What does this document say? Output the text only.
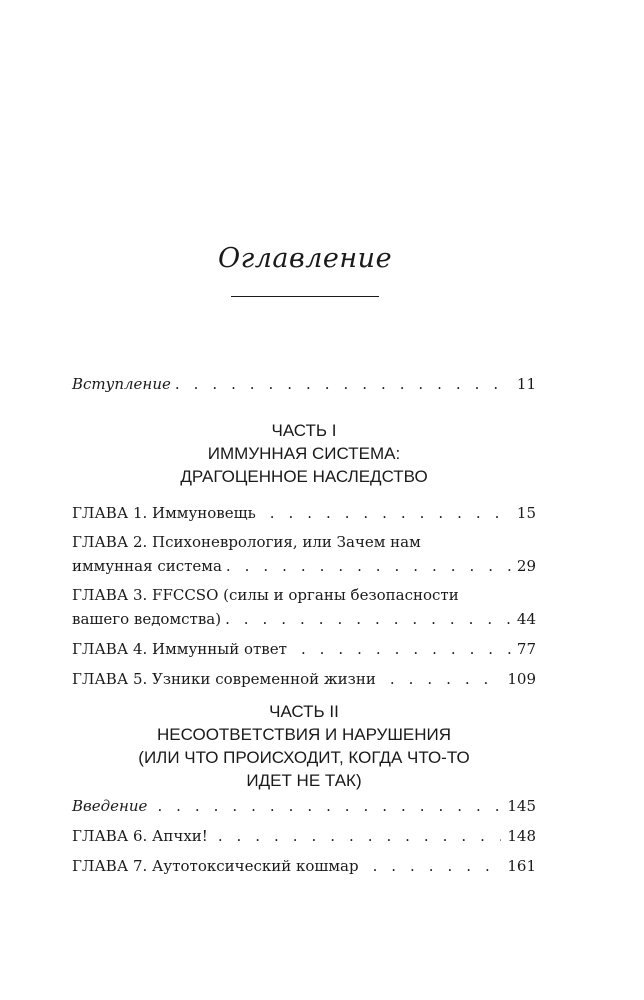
Оглавление
Вступление . . .	11
ЧАСТЬ I
ИММУННАЯ СИСТЕМА:
ДРАГОЦЕННОЕ НАСЛЕДСТВО
ГЛАВА 1. Иммуновещь . . .	15
ГЛАВА 2. Психоневрология, или Зачем нам
иммунная система . . .	29
ГЛАВА 3. FFCCSO (силы и органы безопасности
вашего ведомства) . . .	44
ГЛАВА 4. Иммунный ответ . . .	77
ГЛАВА 5. Узники современной жизни . . .	109
ЧАСТЬ II
НЕСООТВЕТСТВИЯ И НАРУШЕНИЯ
(ИЛИ ЧТО ПРОИСХОДИТ, КОГДА ЧТО-ТО
ИДЕТ НЕ ТАК)
Введение . . .	145
ГЛАВА 6. Апчхи! . . .	148
ГЛАВА 7. Аутотоксический кошмар . . .	161
